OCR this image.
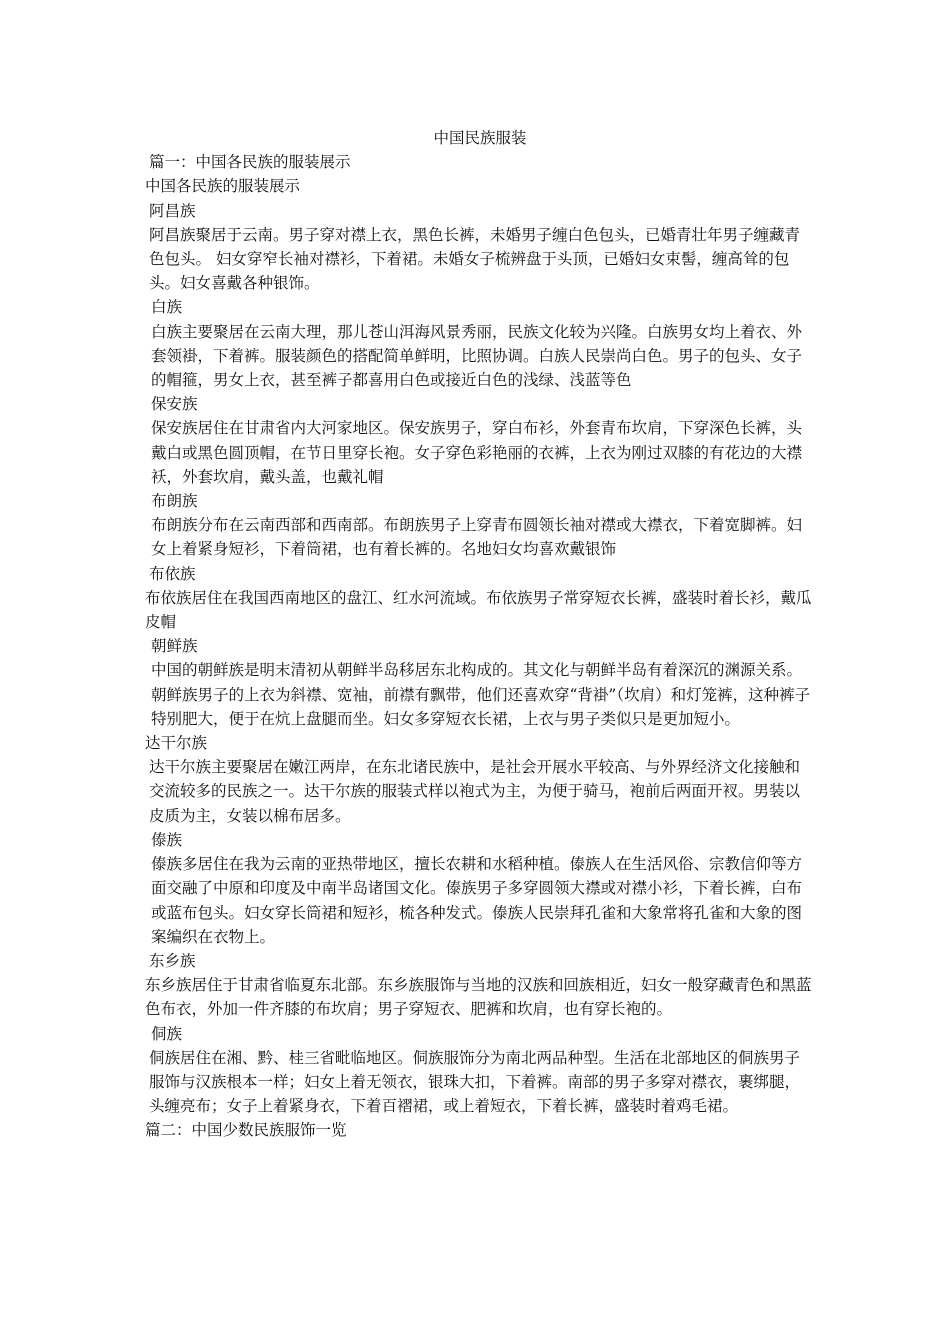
中国民族服装

篇一：中国各民族的服装展示

中国各民族的服装展示

阿昌族

阿昌族聚居于云南。男子穿对襟上衣，黑色长裤，未婚男子缠白色包头，已婚青壮年男子缠藏青色包头。 妇女穿窄长袖对襟衫，下着裙。未婚女子梳辨盘于头顶，已婚妇女束髻，缠高耸的包头。妇女喜戴各种银饰。

白族

白族主要聚居在云南大理，那儿苍山洱海风景秀丽，民族文化较为兴隆。白族男女均上着衣、外套领褂，下着裤。服装颜色的搭配简单鲜明，比照协调。白族人民崇尚白色。男子的包头、女子的帽箍，男女上衣，甚至裤子都喜用白色或接近白色的浅绿、浅蓝等色

保安族

保安族居住在甘肃省内大河家地区。保安族男子，穿白布衫，外套青布坎肩，下穿深色长裤，头戴白或黑色圆顶帽，在节日里穿长袍。女子穿色彩艳丽的衣裤，上衣为刚过双膝的有花边的大襟袄，外套坎肩，戴头盖，也戴礼帽

布朗族

布朗族分布在云南西部和西南部。布朗族男子上穿青布圆领长袖对襟或大襟衣，下着宽脚裤。妇女上着紧身短衫，下着筒裙，也有着长裤的。名地妇女均喜欢戴银饰

布依族

布依族居住在我国西南地区的盘江、红水河流域。布依族男子常穿短衣长裤，盛装时着长衫，戴瓜皮帽

朝鲜族

中国的朝鲜族是明末清初从朝鲜半岛移居东北构成的。其文化与朝鲜半岛有着深沉的渊源关系。朝鲜族男子的上衣为斜襟、宽袖，前襟有飘带，他们还喜欢穿“背褂”（坎肩）和灯笼裤，这种裤子特别肥大，便于在炕上盘腿而坐。妇女多穿短衣长裙，上衣与男子类似只是更加短小。

达干尔族

达干尔族主要聚居在嫩江两岸，在东北诸民族中，是社会开展水平较高、与外界经济文化接触和交流较多的民族之一。达干尔族的服装式样以袍式为主，为便于骑马，袍前后两面开衩。男装以皮质为主，女装以棉布居多。

傣族

傣族多居住在我为云南的亚热带地区，擅长农耕和水稻种植。傣族人在生活风俗、宗教信仰等方面交融了中原和印度及中南半岛诸国文化。傣族男子多穿圆领大襟或对襟小衫，下着长裤，白布或蓝布包头。妇女穿长筒裙和短衫，梳各种发式。傣族人民崇拜孔雀和大象常将孔雀和大象的图案编织在衣物上。

东乡族

东乡族居住于甘肃省临夏东北部。东乡族服饰与当地的汉族和回族相近，妇女一般穿藏青色和黑蓝色布衣，外加一件齐膝的布坎肩；男子穿短衣、肥裤和坎肩，也有穿长袍的。

侗族

侗族居住在湘、黔、桂三省毗临地区。侗族服饰分为南北两品种型。生活在北部地区的侗族男子服饰与汉族根本一样；妇女上着无领衣，银珠大扣，下着裤。南部的男子多穿对襟衣，裹绑腿， 头缠亮布；女子上着紧身衣，下着百褶裙，或上着短衣，下着长裤，盛装时着鸡毛裙。

篇二：中国少数民族服饰一览
